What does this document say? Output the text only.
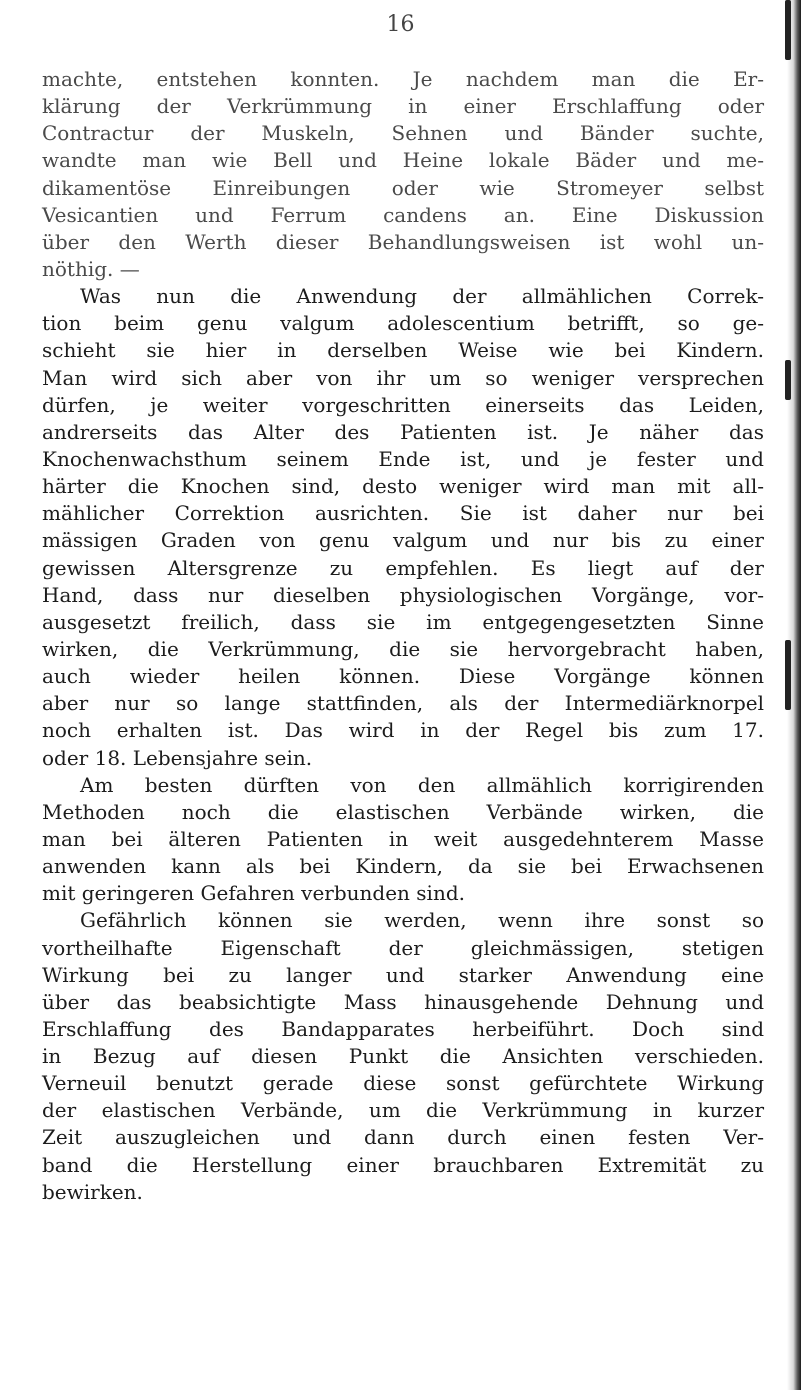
16
machte, entstehen konnten. Je nachdem man die Er-
klärung der Verkrümmung in einer Erschlaffung oder
Contractur der Muskeln, Sehnen und Bänder suchte,
wandte man wie Bell und Heine lokale Bäder und me-
dikamentöse Einreibungen oder wie Stromeyer selbst
Vesicantien und Ferrum candens an. Eine Diskussion
über den Werth dieser Behandlungsweisen ist wohl un-
nöthig. —
Was nun die Anwendung der allmählichen Correk-
tion beim genu valgum adolescentium betrifft, so ge-
schieht sie hier in derselben Weise wie bei Kindern.
Man wird sich aber von ihr um so weniger versprechen
dürfen, je weiter vorgeschritten einerseits das Leiden,
andrerseits das Alter des Patienten ist. Je näher das
Knochenwachsthum seinem Ende ist, und je fester und
härter die Knochen sind, desto weniger wird man mit all-
mählicher Correktion ausrichten. Sie ist daher nur bei
mässigen Graden von genu valgum und nur bis zu einer
gewissen Altersgrenze zu empfehlen. Es liegt auf der
Hand, dass nur dieselben physiologischen Vorgänge, vor-
ausgesetzt freilich, dass sie im entgegengesetzten Sinne
wirken, die Verkrümmung, die sie hervorgebracht haben,
auch wieder heilen können. Diese Vorgänge können
aber nur so lange stattfinden, als der Intermediärknorpel
noch erhalten ist. Das wird in der Regel bis zum 17.
oder 18. Lebensjahre sein.
Am besten dürften von den allmählich korrigirenden
Methoden noch die elastischen Verbände wirken, die
man bei älteren Patienten in weit ausgedehnterem Masse
anwenden kann als bei Kindern, da sie bei Erwachsenen
mit geringeren Gefahren verbunden sind.
Gefährlich können sie werden, wenn ihre sonst so
vortheilhafte Eigenschaft der gleichmässigen, stetigen
Wirkung bei zu langer und starker Anwendung eine
über das beabsichtigte Mass hinausgehende Dehnung und
Erschlaffung des Bandapparates herbeiführt. Doch sind
in Bezug auf diesen Punkt die Ansichten verschieden.
Verneuil benutzt gerade diese sonst gefürchtete Wirkung
der elastischen Verbände, um die Verkrümmung in kurzer
Zeit auszugleichen und dann durch einen festen Ver-
band die Herstellung einer brauchbaren Extremität zu
bewirken.
